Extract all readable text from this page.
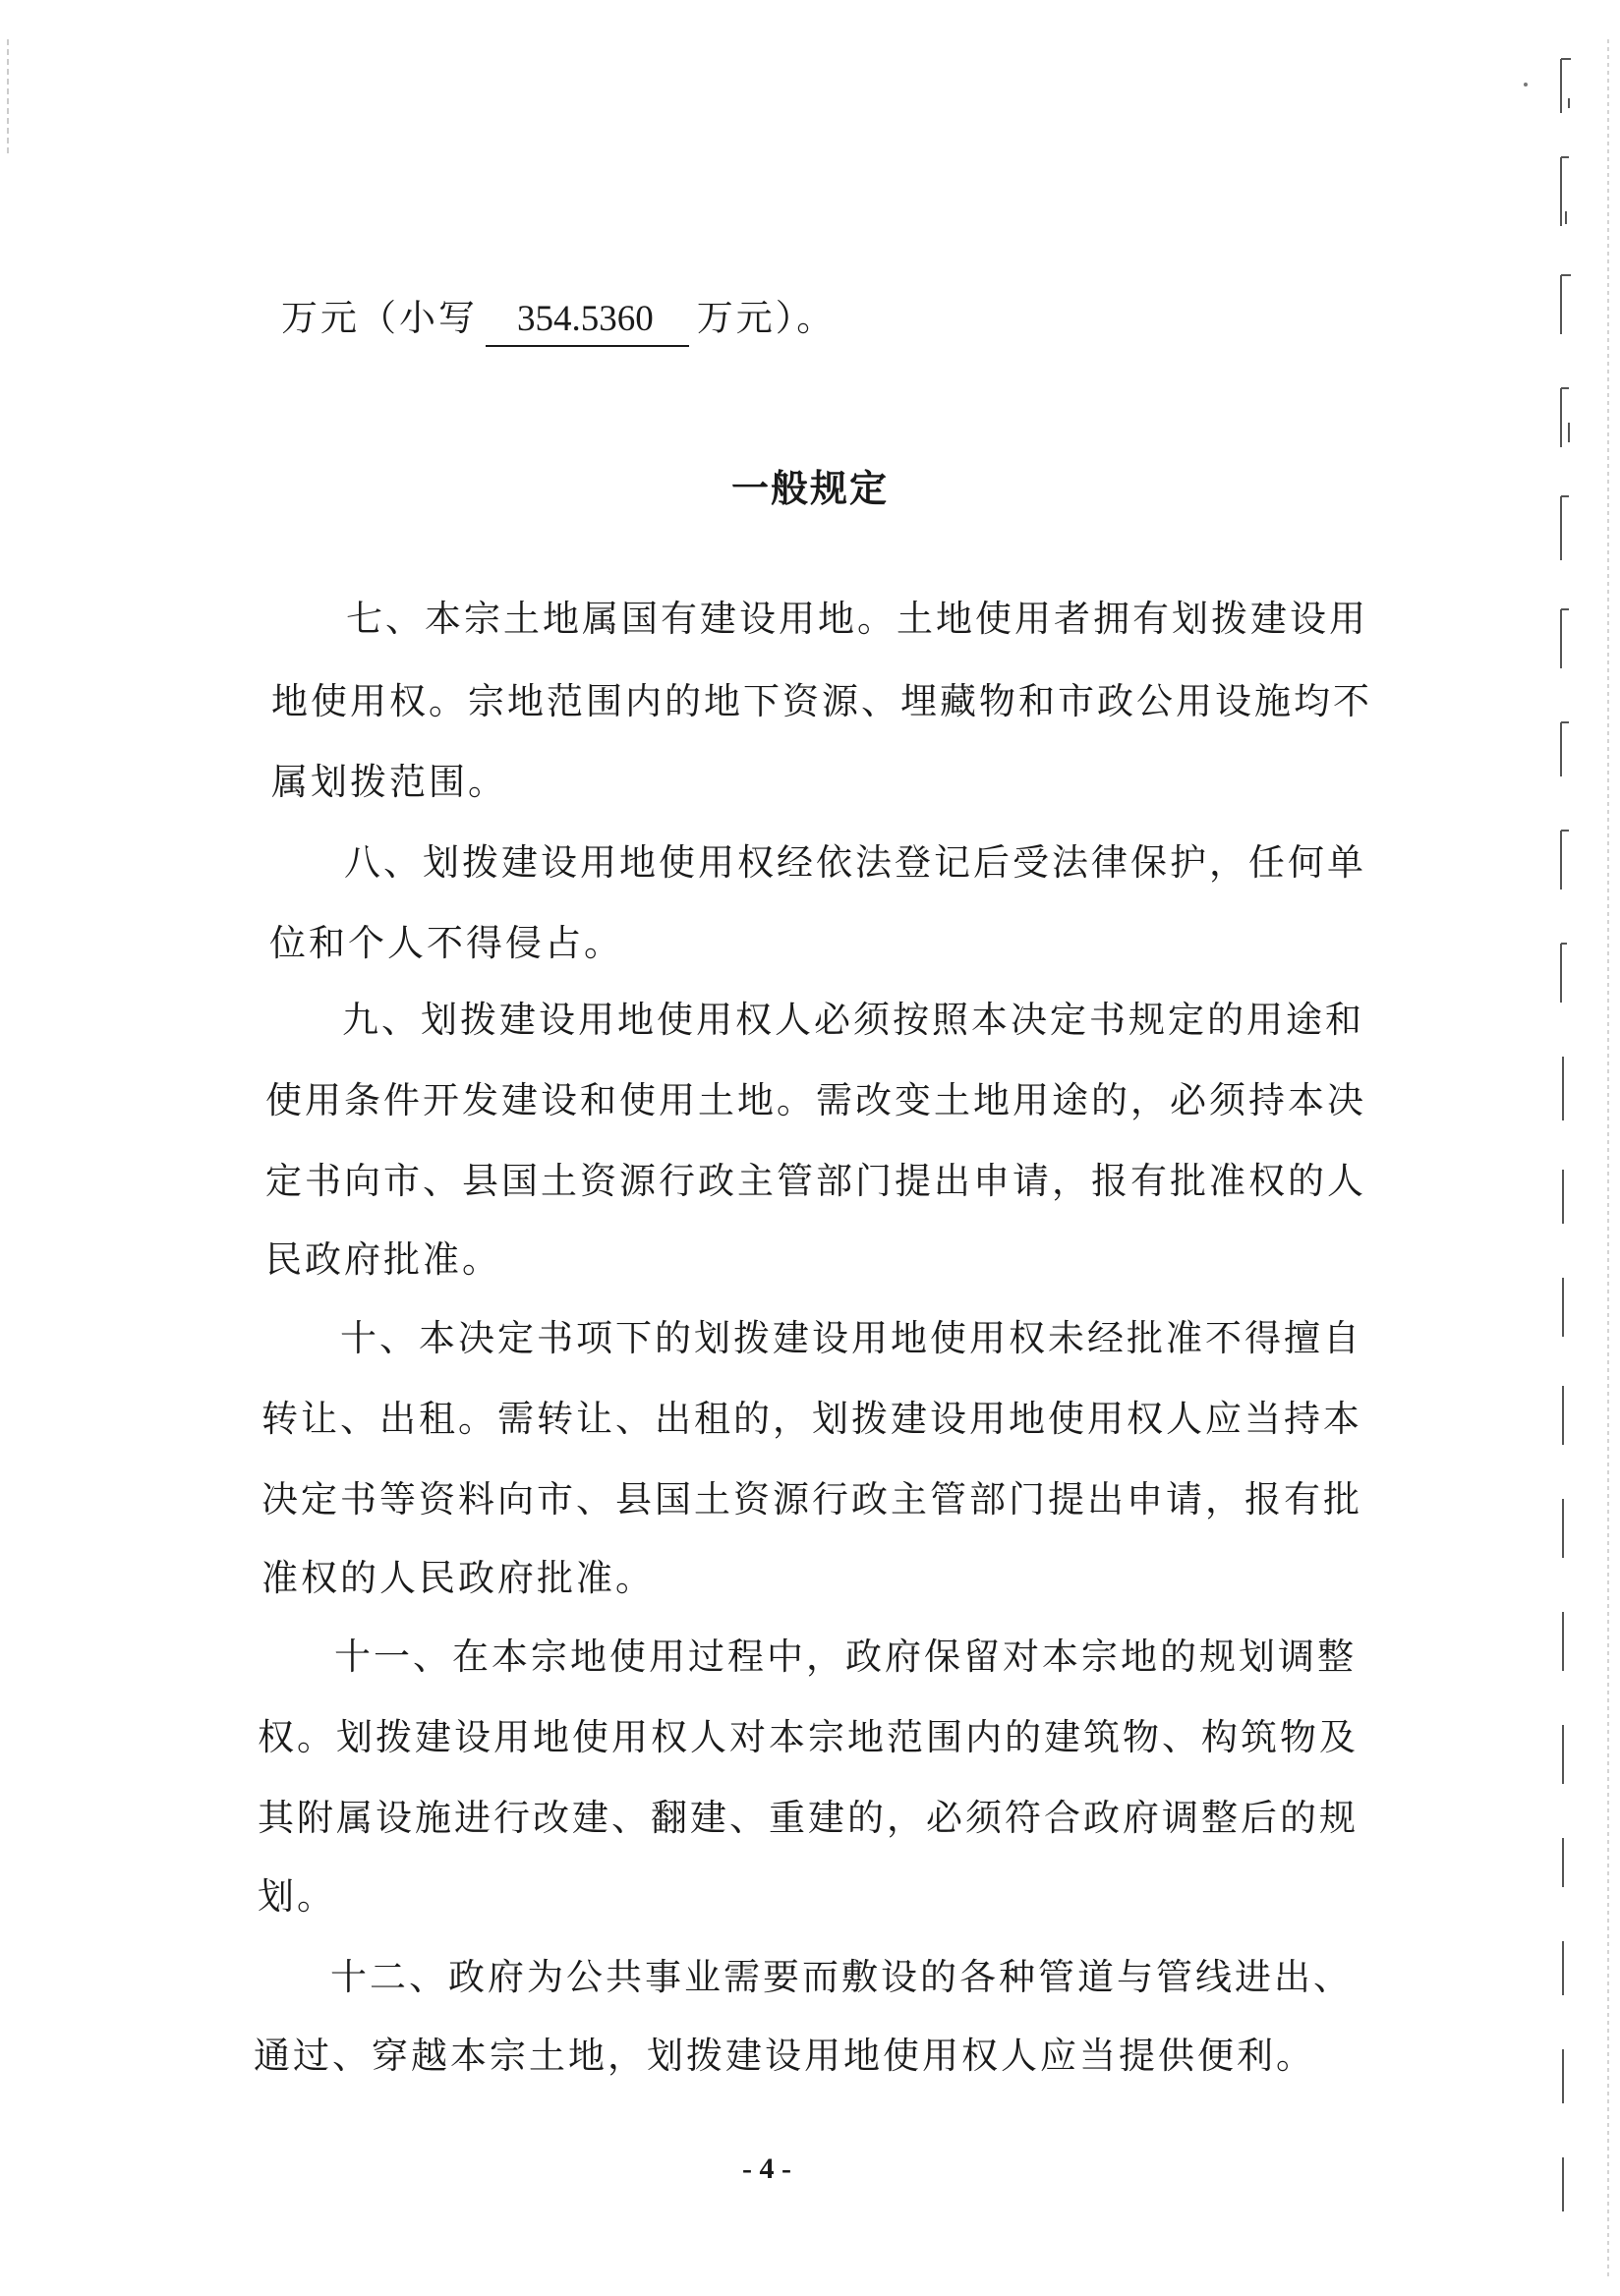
万元（小写 354.5360 万元）。
一般规定
七、本宗土地属国有建设用地。土地使用者拥有划拨建设用
地使用权。宗地范围内的地下资源、埋藏物和市政公用设施均不
属划拨范围。
八、划拨建设用地使用权经依法登记后受法律保护，任何单
位和个人不得侵占。
九、划拨建设用地使用权人必须按照本决定书规定的用途和
使用条件开发建设和使用土地。需改变土地用途的，必须持本决
定书向市、县国土资源行政主管部门提出申请，报有批准权的人
民政府批准。
十、本决定书项下的划拨建设用地使用权未经批准不得擅自
转让、出租。需转让、出租的，划拨建设用地使用权人应当持本
决定书等资料向市、县国土资源行政主管部门提出申请，报有批
准权的人民政府批准。
十一、在本宗地使用过程中，政府保留对本宗地的规划调整
权。划拨建设用地使用权人对本宗地范围内的建筑物、构筑物及
其附属设施进行改建、翻建、重建的，必须符合政府调整后的规
划。
十二、政府为公共事业需要而敷设的各种管道与管线进出、
通过、穿越本宗土地，划拨建设用地使用权人应当提供便利。
- 4 -
